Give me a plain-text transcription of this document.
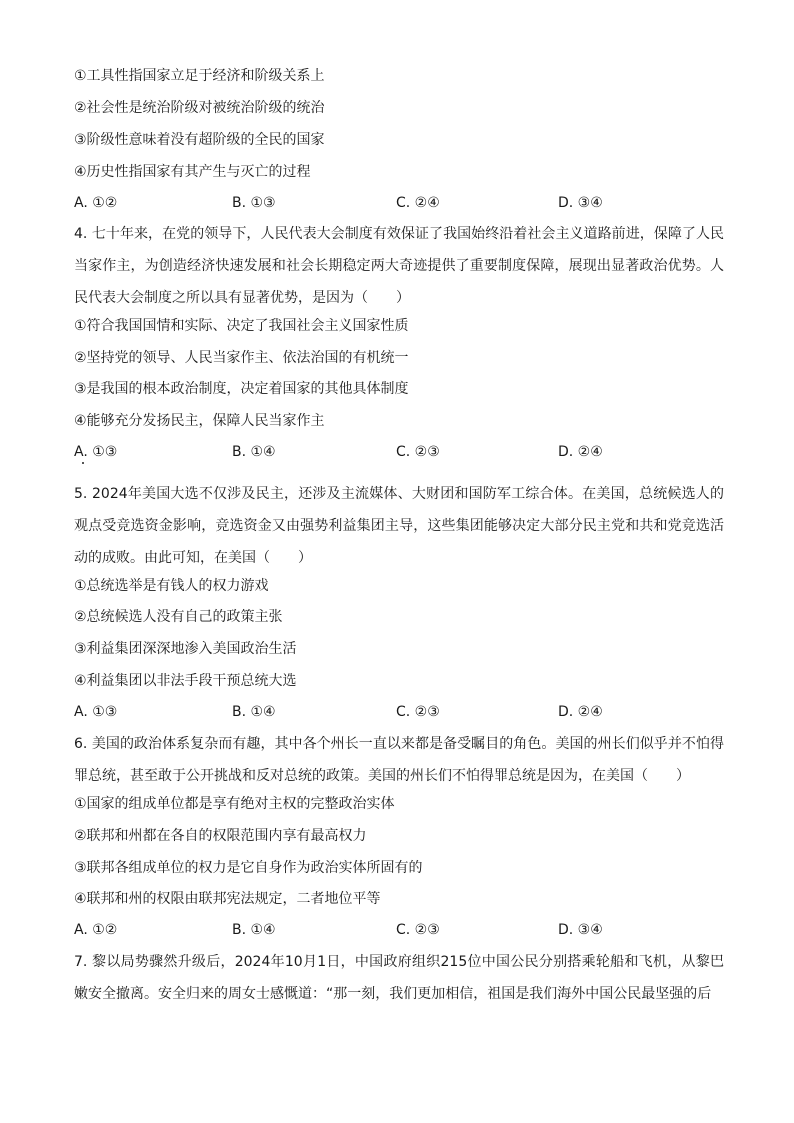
①工具性指国家立足于经济和阶级关系上
②社会性是统治阶级对被统治阶级的统治
③阶级性意味着没有超阶级的全民的国家
④历史性指国家有其产生与灭亡的过程
A. ①②	B. ①③	C. ②④	D. ③④
4. 七十年来，在党的领导下，人民代表大会制度有效保证了我国始终沿着社会主义道路前进，保障了人民当家作主，为创造经济快速发展和社会长期稳定两大奇迹提供了重要制度保障，展现出显著政治优势。人民代表大会制度之所以具有显著优势，是因为（　　）
①符合我国国情和实际、决定了我国社会主义国家性质
②坚持党的领导、人民当家作主、依法治国的有机统一
③是我国的根本政治制度，决定着国家的其他具体制度
④能够充分发扬民主，保障人民当家作主
A. ①③	B. ①④	C. ②③	D. ②④
5. 2024年美国大选不仅涉及民主，还涉及主流媒体、大财团和国防军工综合体。在美国，总统候选人的观点受竞选资金影响，竞选资金又由强势利益集团主导，这些集团能够决定大部分民主党和共和党竞选活动的成败。由此可知，在美国（　　）
①总统选举是有钱人的权力游戏
②总统候选人没有自己的政策主张
③利益集团深深地渗入美国政治生活
④利益集团以非法手段干预总统大选
A. ①③	B. ①④	C. ②③	D. ②④
6. 美国的政治体系复杂而有趣，其中各个州长一直以来都是备受瞩目的角色。美国的州长们似乎并不怕得罪总统，甚至敢于公开挑战和反对总统的政策。美国的州长们不怕得罪总统是因为，在美国（　　）
①国家的组成单位都是享有绝对主权的完整政治实体
②联邦和州都在各自的权限范围内享有最高权力
③联邦各组成单位的权力是它自身作为政治实体所固有的
④联邦和州的权限由联邦宪法规定，二者地位平等
A. ①②	B. ①④	C. ②③	D. ③④
7. 黎以局势骤然升级后，2024年10月1日，中国政府组织215位中国公民分别搭乘轮船和飞机，从黎巴嫩安全撤离。安全归来的周女士感慨道：“那一刻，我们更加相信，祖国是我们海外中国公民最坚强的后
